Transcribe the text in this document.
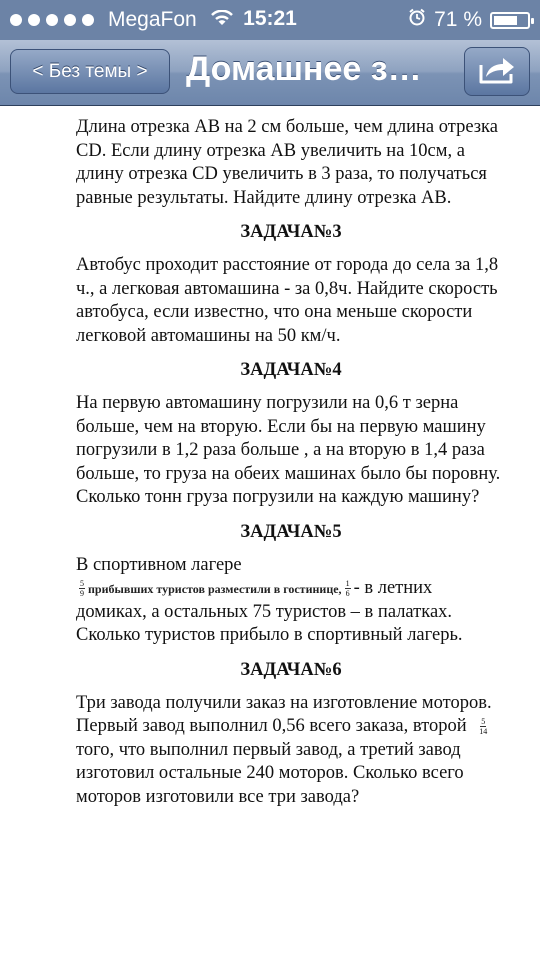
MegaFon	15:21	71 %
< Без темы >	Домашнее з…

Длина отрезка АВ на 2 см больше, чем длина отрезка CD. Если длину отрезка АВ увеличить на 10см, а длину отрезка CD увеличить в 3 раза, то получаться равные результаты. Найдите длину отрезка АВ.

ЗАДАЧА№3

Автобус проходит расстояние от города до села за 1,8 ч., а легковая автомашина - за 0,8ч. Найдите скорость автобуса, если известно, что она меньше скорости легковой автомашины на 50 км/ч.

ЗАДАЧА№4

На первую автомашину погрузили на 0,6 т зерна больше, чем на вторую. Если бы на первую машину погрузили в 1,2 раза больше , а на вторую в 1,4 раза больше, то груза на обеих машинах было бы поровну. Сколько тонн груза погрузили на каждую машину?

ЗАДАЧА№5

В спортивном лагере

$\frac{5}{9}$ прибывших туристов разместили в гостинице, $\frac{1}{6}$ - в летних домиках, а остальных 75 туристов – в палатках. Сколько туристов прибыло в спортивный лагерь.

ЗАДАЧА№6

Три завода получили заказ на изготовление моторов. Первый завод выполнил 0,56 всего заказа, второй $\frac{5}{14}$
того, что выполнил первый завод, а третий завод изготовил остальные 240 моторов. Сколько всего моторов изготовили все три завода?
